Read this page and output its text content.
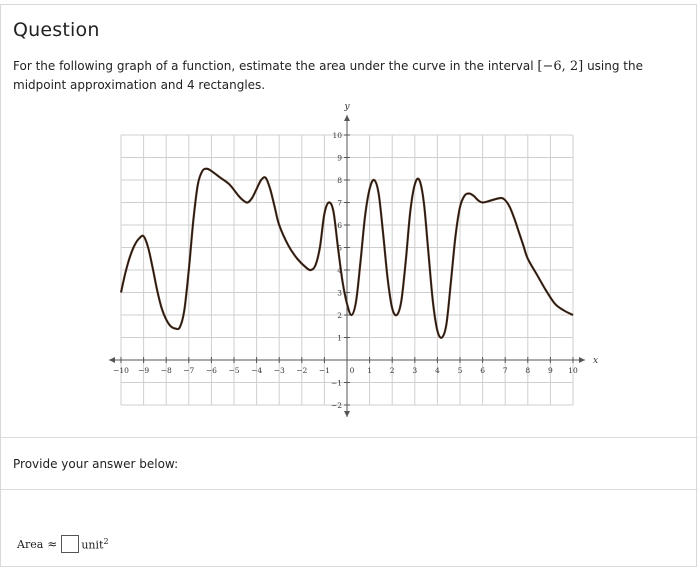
Question
For the following graph of a function, estimate the area under the curve in the interval [−6, 2] using the midpoint approximation and 4 rectangles.
−10 −9 −8 −7 −6 −5 −4 −3 −2 −1	1 2 3 4 5 6 7 8 9 10
−2
−1
1
2
3
4
5
6
7
8
9
10
0
x
y
Provide your answer below:
Area ≈ unit$^2$
